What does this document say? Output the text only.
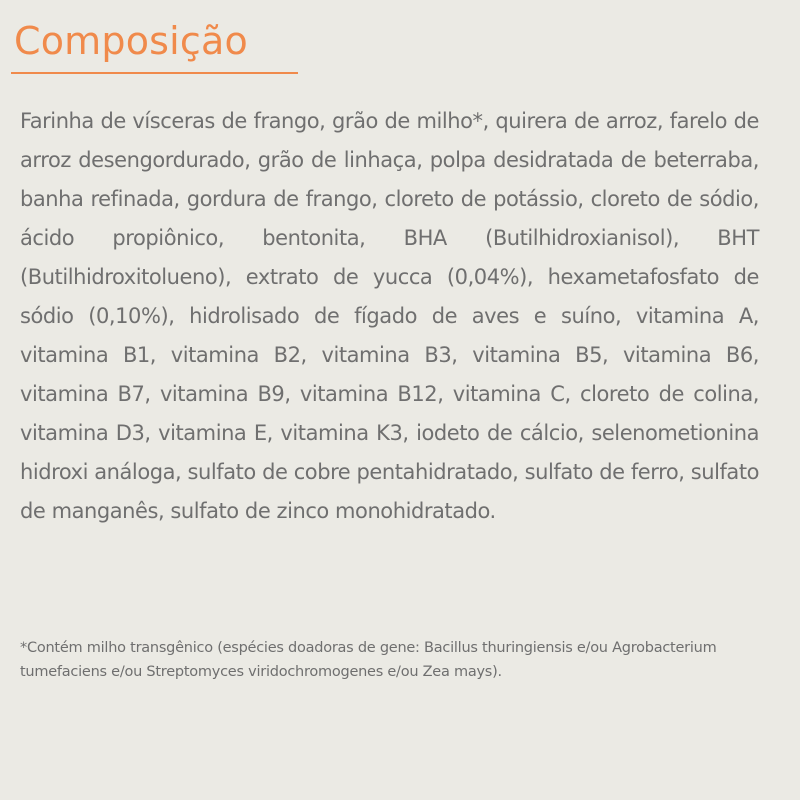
Composição

Farinha de vísceras de frango, grão de milho*, quirera de arroz, farelo de arroz desengordurado, grão de linhaça, polpa desidratada de beterraba, banha refinada, gordura de frango, cloreto de potássio, cloreto de sódio, ácido propiônico, bentonita, BHA (Butilhidroxianisol), BHT (Butilhidroxitolueno), extrato de yucca (0,04%), hexametafosfato de sódio (0,10%), hidrolisado de fígado de aves e suíno, vitamina A, vitamina B1, vitamina B2, vitamina B3, vitamina B5, vitamina B6, vitamina B7, vitamina B9, vitamina B12, vitamina C, cloreto de colina, vitamina D3, vitamina E, vitamina K3, iodeto de cálcio, selenometionina hidroxi análoga, sulfato de cobre pentahidratado, sulfato de ferro, sulfato de manganês, sulfato de zinco monohidratado.

*Contém milho transgênico (espécies doadoras de gene: Bacillus thuringiensis e/ou Agrobacterium tumefaciens e/ou Streptomyces viridochromogenes e/ou Zea mays).
